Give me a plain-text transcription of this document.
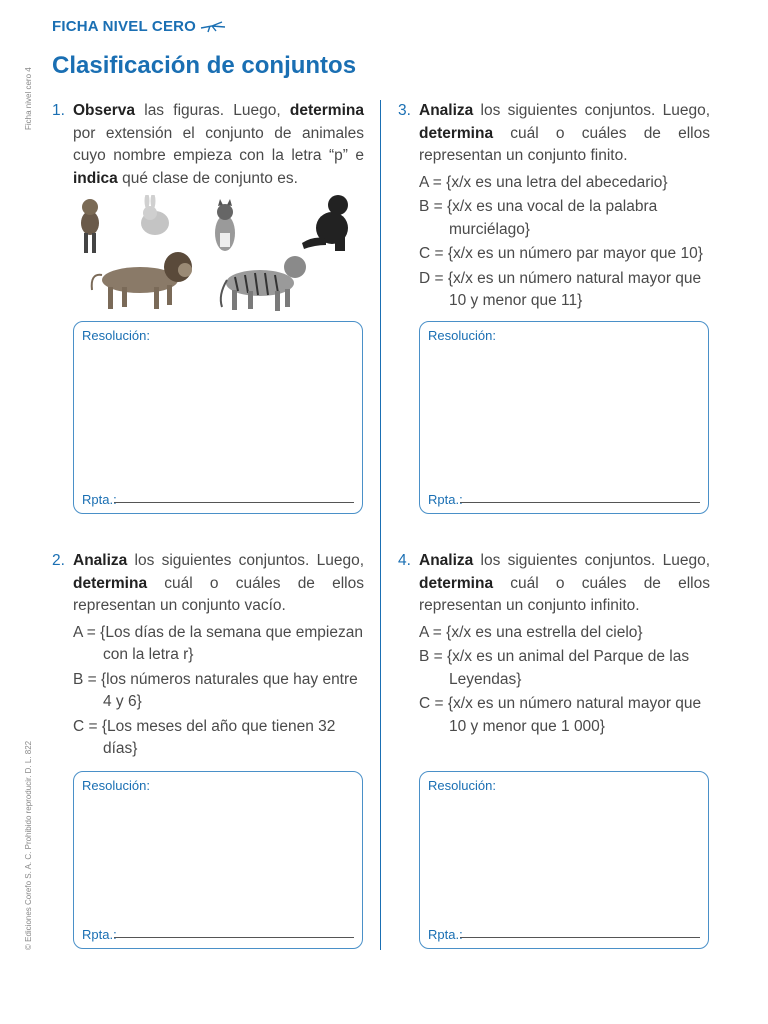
Ficha nivel cero 4
© Ediciones Corefo S. A. C. Prohibido reproducir. D. L. 822
FICHA NIVEL CERO
Clasificación de conjuntos
1. Observa las figuras. Luego, determina por extensión el conjunto de animales cuyo nombre empieza con la letra “p” e indica qué clase de conjunto es.
Resolución:
Rpta.:
3. Analiza los siguientes conjuntos. Luego, determina cuál o cuáles de ellos representan un conjunto finito.
A = {x/x es una letra del abecedario}
B = {x/x es una vocal de la palabra murciélago}
C = {x/x es un número par mayor que 10}
D = {x/x es un número natural mayor que 10 y menor que 11}
Resolución:
Rpta.:
2. Analiza los siguientes conjuntos. Luego, determina cuál o cuáles de ellos representan un conjunto vacío.
A = {Los días de la semana que empiezan con la letra r}
B = {los números naturales que hay entre 4 y 6}
C = {Los meses del año que tienen 32 días}
Resolución:
Rpta.:
4. Analiza los siguientes conjuntos. Luego, determina cuál o cuáles de ellos representan un conjunto infinito.
A = {x/x es una estrella del cielo}
B = {x/x es un animal del Parque de las Leyendas}
C = {x/x es un número natural mayor que 10 y menor que 1 000}
Resolución:
Rpta.:
